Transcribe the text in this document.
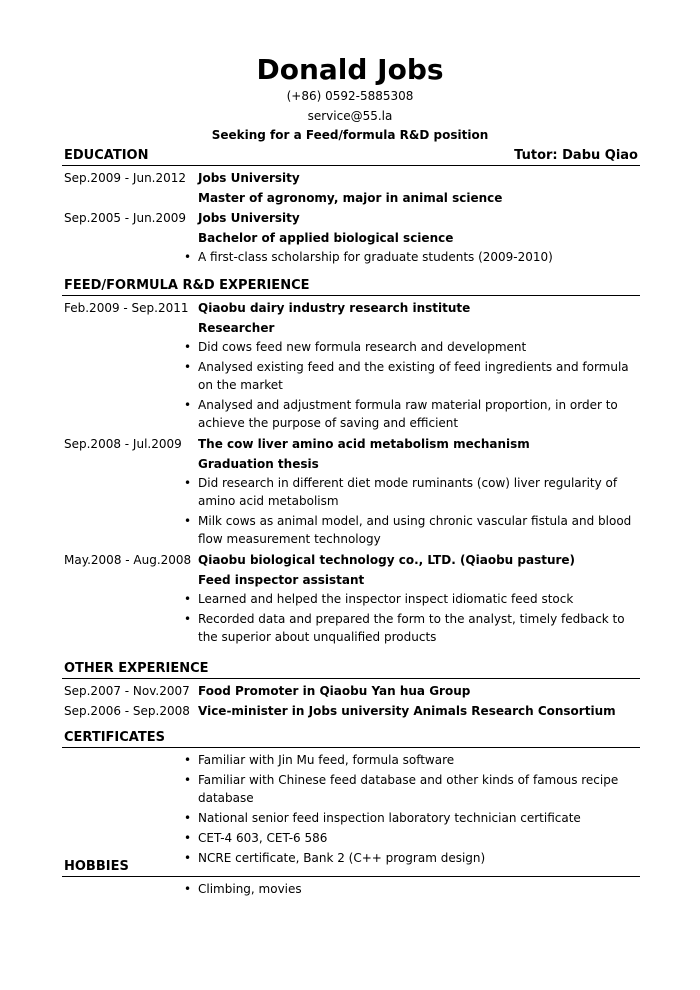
Donald Jobs
(+86) 0592-5885308
service@55.la
Seeking for a Feed/formula R&D position
EDUCATION	Tutor: Dabu Qiao
Sep.2009 - Jun.2012 Jobs University
Master of agronomy, major in animal science
Sep.2005 - Jun.2009 Jobs University
Bachelor of applied biological science
• A first-class scholarship for graduate students (2009-2010)
FEED/FORMULA R&D EXPERIENCE
Feb.2009 - Sep.2011 Qiaobu dairy industry research institute
Researcher
• Did cows feed new formula research and development
• Analysed existing feed and the existing of feed ingredients and formula on the market
• Analysed and adjustment formula raw material proportion, in order to achieve the purpose of saving and efficient
Sep.2008 - Jul.2009 The cow liver amino acid metabolism mechanism
Graduation thesis
• Did research in different diet mode ruminants (cow) liver regularity of amino acid metabolism
• Milk cows as animal model, and using chronic vascular fistula and blood flow measurement technology
May.2008 - Aug.2008 Qiaobu biological technology co., LTD. (Qiaobu pasture)
Feed inspector assistant
• Learned and helped the inspector inspect idiomatic feed stock
• Recorded data and prepared the form to the analyst, timely fedback to the superior about unqualified products
OTHER EXPERIENCE
Sep.2007 - Nov.2007 Food Promoter in Qiaobu Yan hua Group
Sep.2006 - Sep.2008 Vice-minister in Jobs university Animals Research Consortium
CERTIFICATES
• Familiar with Jin Mu feed, formula software
• Familiar with Chinese feed database and other kinds of famous recipe database
• National senior feed inspection laboratory technician certificate
• CET-4 603, CET-6 586
• NCRE certificate, Bank 2 (C++ program design)
HOBBIES
• Climbing, movies
